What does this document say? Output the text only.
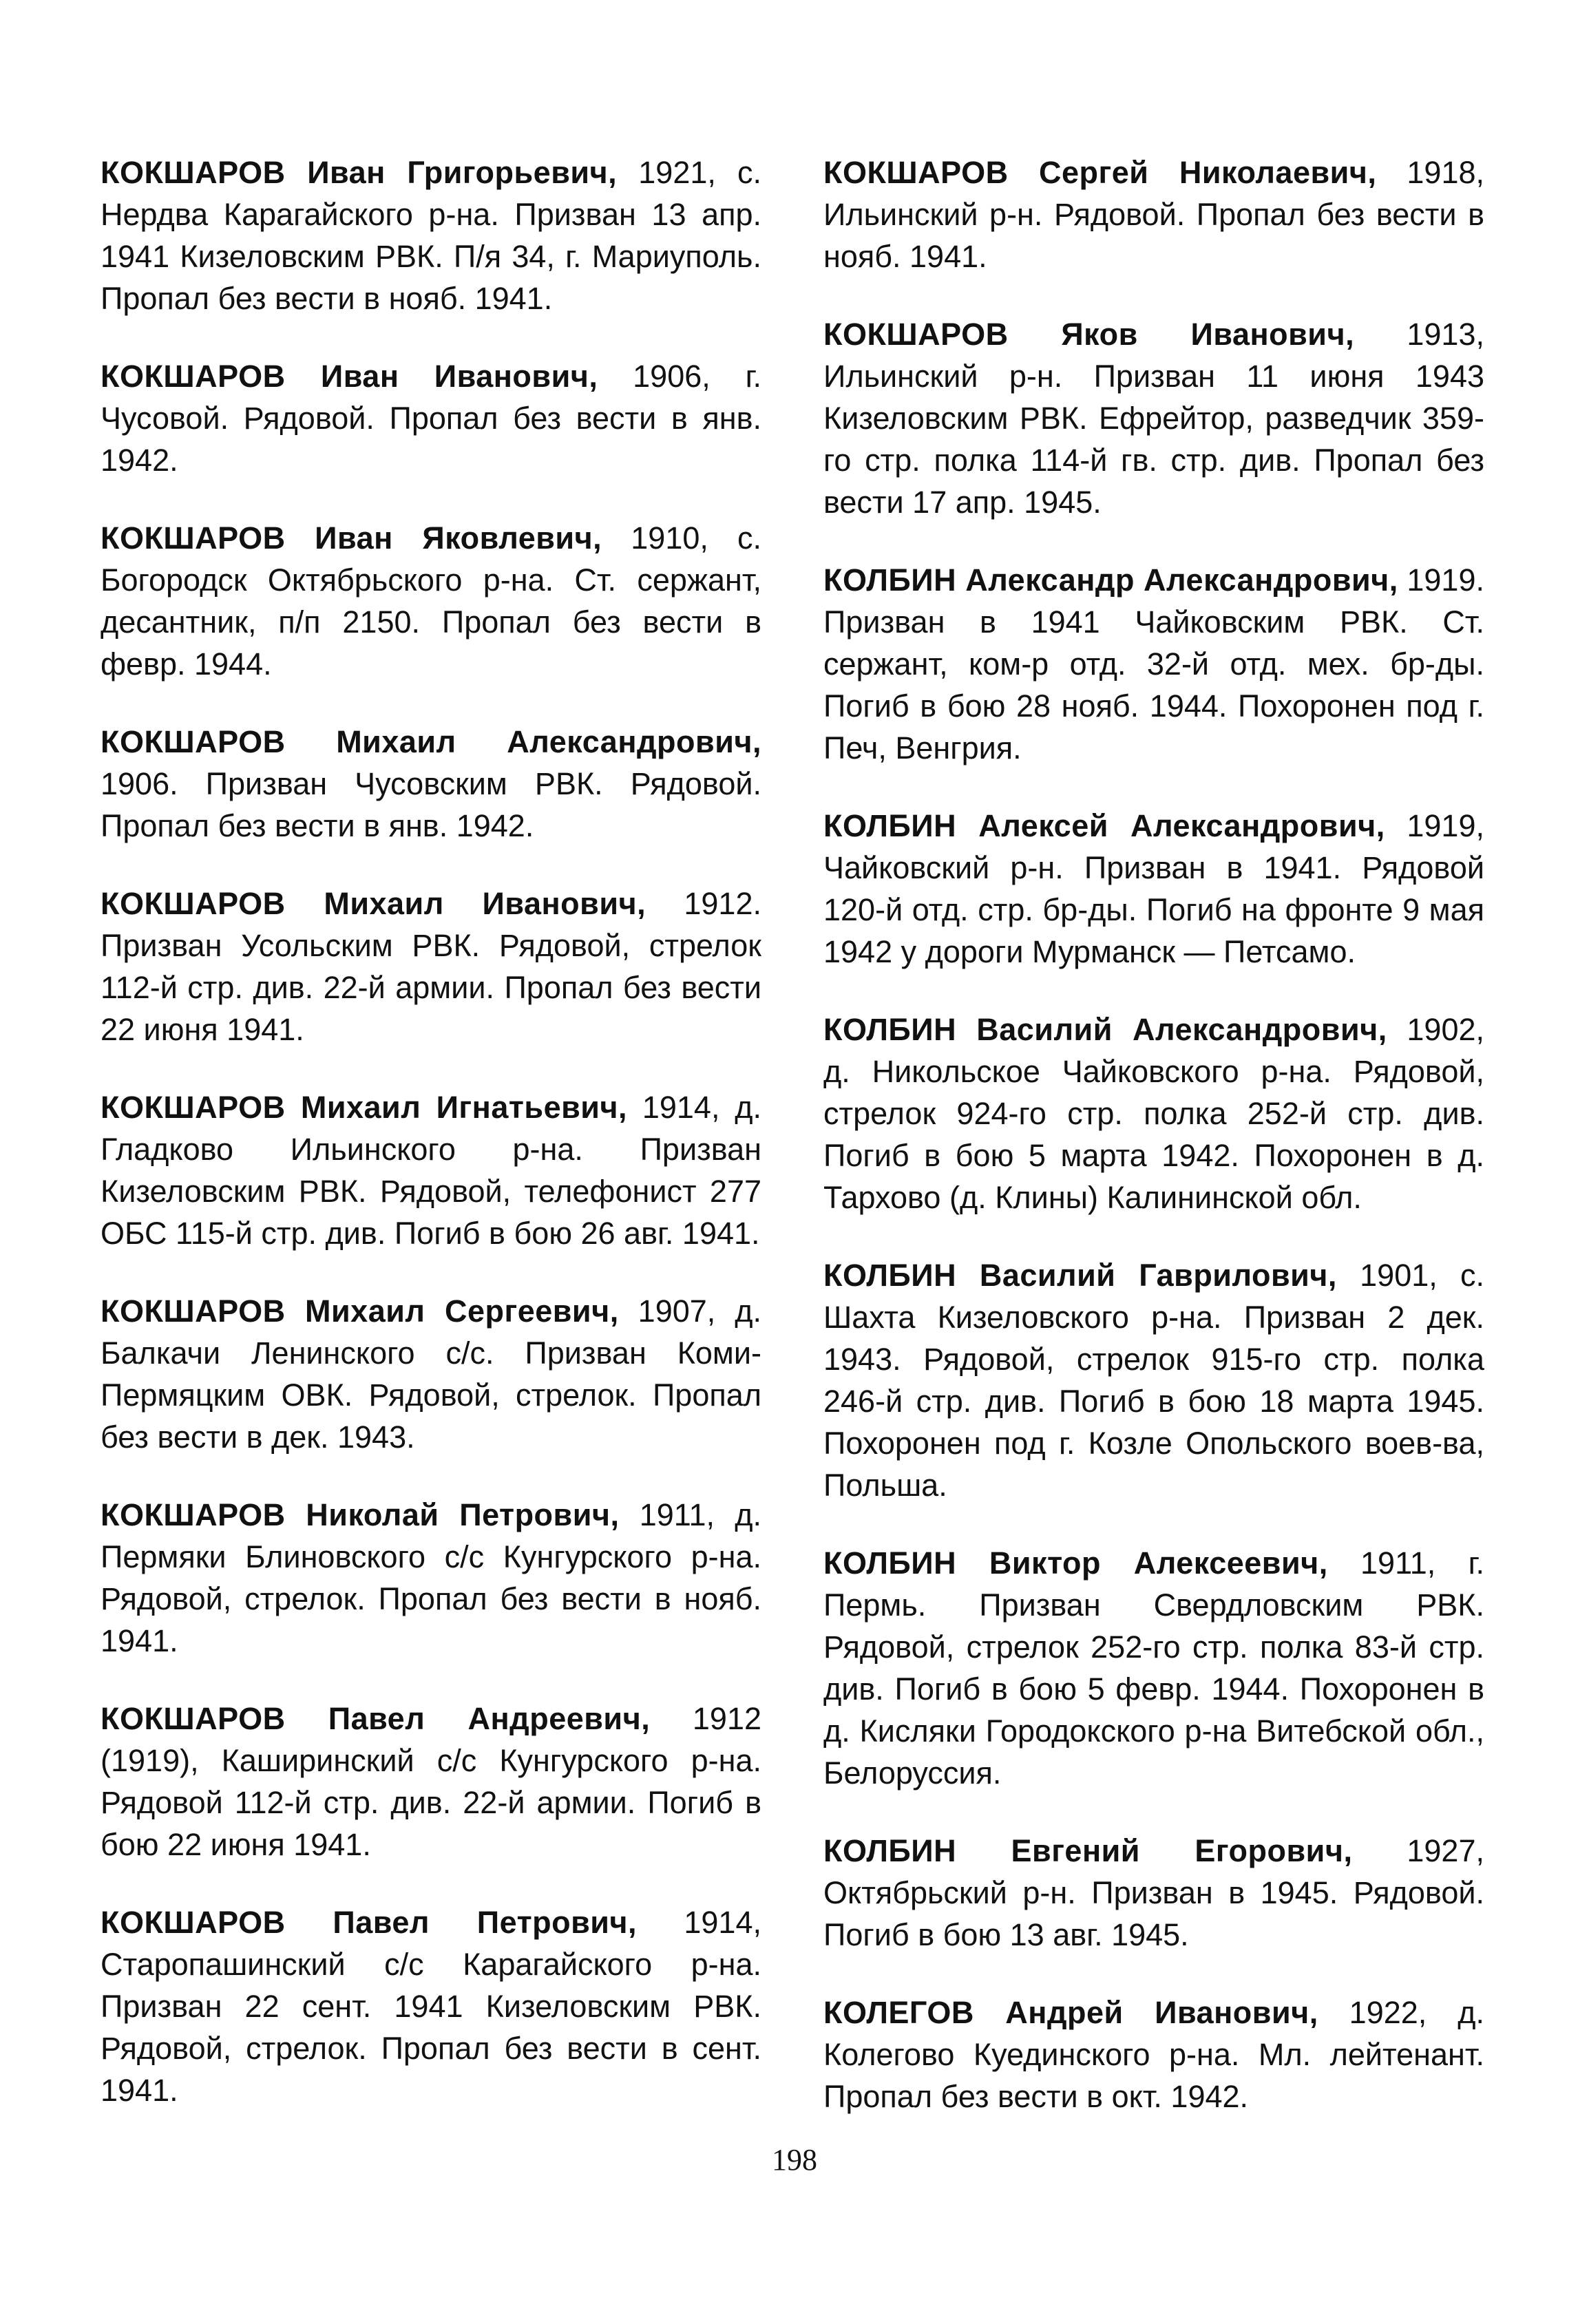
КОКШАРОВ Иван Григорьевич, 1921, с. Нердва Карагайского р-на. Призван 13 апр. 1941 Кизеловским РВК. П/я 34, г. Мариуполь. Пропал без вести в нояб. 1941.

КОКШАРОВ Иван Иванович, 1906, г. Чусовой. Рядовой. Пропал без вести в янв. 1942.

КОКШАРОВ Иван Яковлевич, 1910, с. Богородск Октябрьского р-на. Ст. сержант, десантник, п/п 2150. Пропал без вести в февр. 1944.

КОКШАРОВ Михаил Александрович, 1906. Призван Чусовским РВК. Рядовой. Пропал без вести в янв. 1942.

КОКШАРОВ Михаил Иванович, 1912. Призван Усольским РВК. Рядовой, стрелок 112-й стр. див. 22-й армии. Пропал без вести 22 июня 1941.

КОКШАРОВ Михаил Игнатьевич, 1914, д. Гладково Ильинского р-на. Призван Кизеловским РВК. Рядовой, телефонист 277 ОБС 115-й стр. див. Погиб в бою 26 авг. 1941.

КОКШАРОВ Михаил Сергеевич, 1907, д. Балкачи Ленинского с/с. Призван Коми-Пермяцким ОВК. Рядовой, стрелок. Пропал без вести в дек. 1943.

КОКШАРОВ Николай Петрович, 1911, д. Пермяки Блиновского с/с Кунгурского р-на. Рядовой, стрелок. Пропал без вести в нояб. 1941.

КОКШАРОВ Павел Андреевич, 1912 (1919), Каширинский с/с Кунгурского р-на. Рядовой 112-й стр. див. 22-й армии. Погиб в бою 22 июня 1941.

КОКШАРОВ Павел Петрович, 1914, Старопашинский с/с Карагайского р-на. Призван 22 сент. 1941 Кизеловским РВК. Рядовой, стрелок. Пропал без вести в сент. 1941.

КОКШАРОВ Сергей Николаевич, 1918, Ильинский р-н. Рядовой. Пропал без вести в нояб. 1941.

КОКШАРОВ Яков Иванович, 1913, Ильинский р-н. Призван 11 июня 1943 Кизеловским РВК. Ефрейтор, разведчик 359-го стр. полка 114-й гв. стр. див. Пропал без вести 17 апр. 1945.

КОЛБИН Александр Александрович, 1919. Призван в 1941 Чайковским РВК. Ст. сержант, ком-р отд. 32-й отд. мех. бр-ды. Погиб в бою 28 нояб. 1944. Похоронен под г. Печ, Венгрия.

КОЛБИН Алексей Александрович, 1919, Чайковский р-н. Призван в 1941. Рядовой 120-й отд. стр. бр-ды. Погиб на фронте 9 мая 1942 у дороги Мурманск — Петсамо.

КОЛБИН Василий Александрович, 1902, д. Никольское Чайковского р-на. Рядовой, стрелок 924-го стр. полка 252-й стр. див. Погиб в бою 5 марта 1942. Похоронен в д. Тархово (д. Клины) Калининской обл.

КОЛБИН Василий Гаврилович, 1901, с. Шахта Кизеловского р-на. Призван 2 дек. 1943. Рядовой, стрелок 915-го стр. полка 246-й стр. див. Погиб в бою 18 марта 1945. Похоронен под г. Козле Опольского воев-ва, Польша.

КОЛБИН Виктор Алексеевич, 1911, г. Пермь. Призван Свердловским РВК. Рядовой, стрелок 252-го стр. полка 83-й стр. див. Погиб в бою 5 февр. 1944. Похоронен в д. Кисляки Городокского р-на Витебской обл., Белоруссия.

КОЛБИН Евгений Егорович, 1927, Октябрьский р-н. Призван в 1945. Рядовой. Погиб в бою 13 авг. 1945.

КОЛЕГОВ Андрей Иванович, 1922, д. Колегово Куединского р-на. Мл. лейтенант. Пропал без вести в окт. 1942.

198
